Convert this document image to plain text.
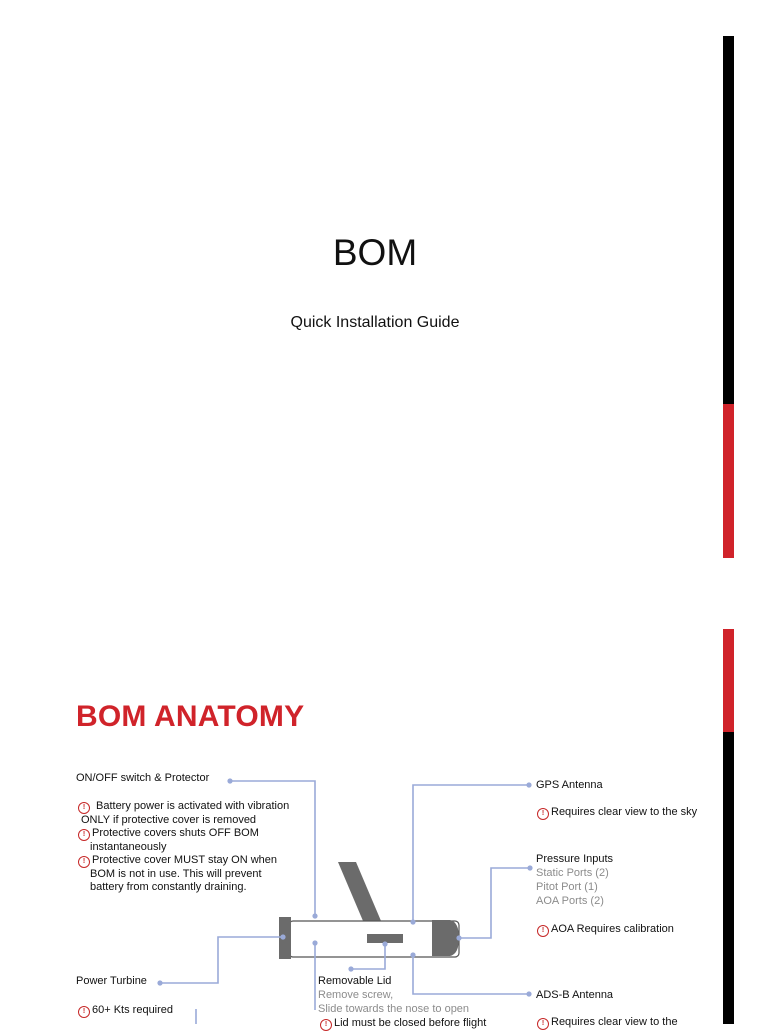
BOM
Quick Installation Guide
BOM ANATOMY
ON/OFF switch & Protector
! Battery power is activated with vibration
ONLY if protective cover is removed
! Protective covers shuts OFF BOM
instantaneously
! Protective cover MUST stay ON when
BOM is not in use. This will prevent
battery from constantly draining.
Power Turbine
! 60+ Kts required
Removable Lid
Remove screw,
Slide towards the nose to open
! Lid must be closed before flight
GPS Antenna
! Requires clear view to the sky
Pressure Inputs
Static Ports (2)
Pitot Port (1)
AOA Ports (2)
! AOA Requires calibration
ADS-B Antenna
! Requires clear view to the
